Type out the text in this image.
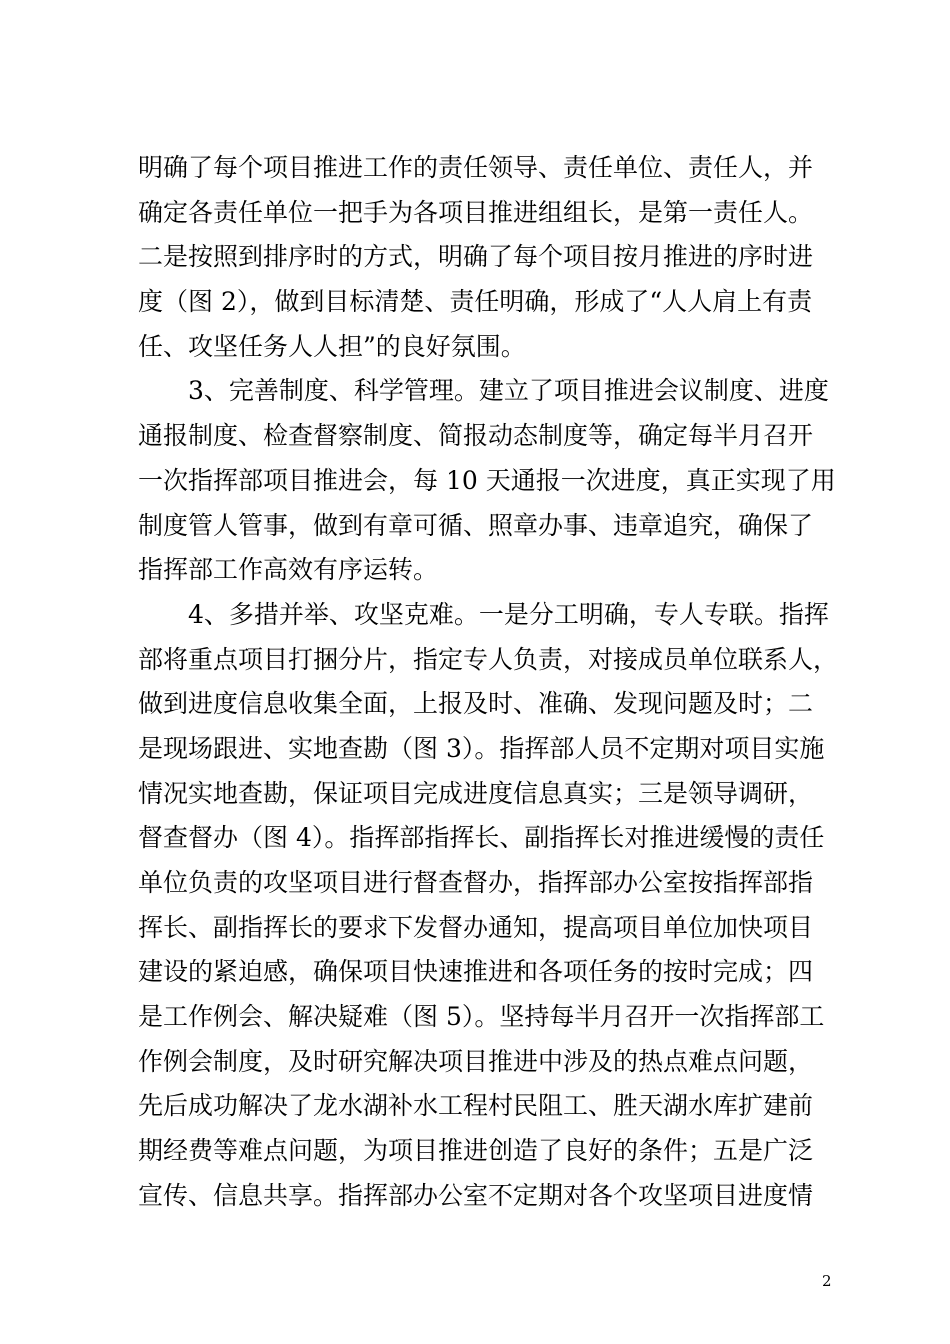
明确了每个项目推进工作的责任领导、责任单位、责任人，并
确定各责任单位一把手为各项目推进组组长，是第一责任人。
二是按照到排序时的方式，明确了每个项目按月推进的序时进
度（图 2），做到目标清楚、责任明确，形成了“人人肩上有责
任、攻坚任务人人担”的良好氛围。
　　3、完善制度、科学管理。建立了项目推进会议制度、进度
通报制度、检查督察制度、简报动态制度等，确定每半月召开
一次指挥部项目推进会，每 10 天通报一次进度，真正实现了用
制度管人管事，做到有章可循、照章办事、违章追究，确保了
指挥部工作高效有序运转。
　　4、多措并举、攻坚克难。一是分工明确，专人专联。指挥
部将重点项目打捆分片，指定专人负责，对接成员单位联系人，
做到进度信息收集全面，上报及时、准确、发现问题及时；二
是现场跟进、实地查勘（图 3）。指挥部人员不定期对项目实施
情况实地查勘，保证项目完成进度信息真实；三是领导调研，
督查督办（图 4）。指挥部指挥长、副指挥长对推进缓慢的责任
单位负责的攻坚项目进行督查督办，指挥部办公室按指挥部指
挥长、副指挥长的要求下发督办通知，提高项目单位加快项目
建设的紧迫感，确保项目快速推进和各项任务的按时完成；四
是工作例会、解决疑难（图 5）。坚持每半月召开一次指挥部工
作例会制度，及时研究解决项目推进中涉及的热点难点问题，
先后成功解决了龙水湖补水工程村民阻工、胜天湖水库扩建前
期经费等难点问题，为项目推进创造了良好的条件；五是广泛
宣传、信息共享。指挥部办公室不定期对各个攻坚项目进度情
2
